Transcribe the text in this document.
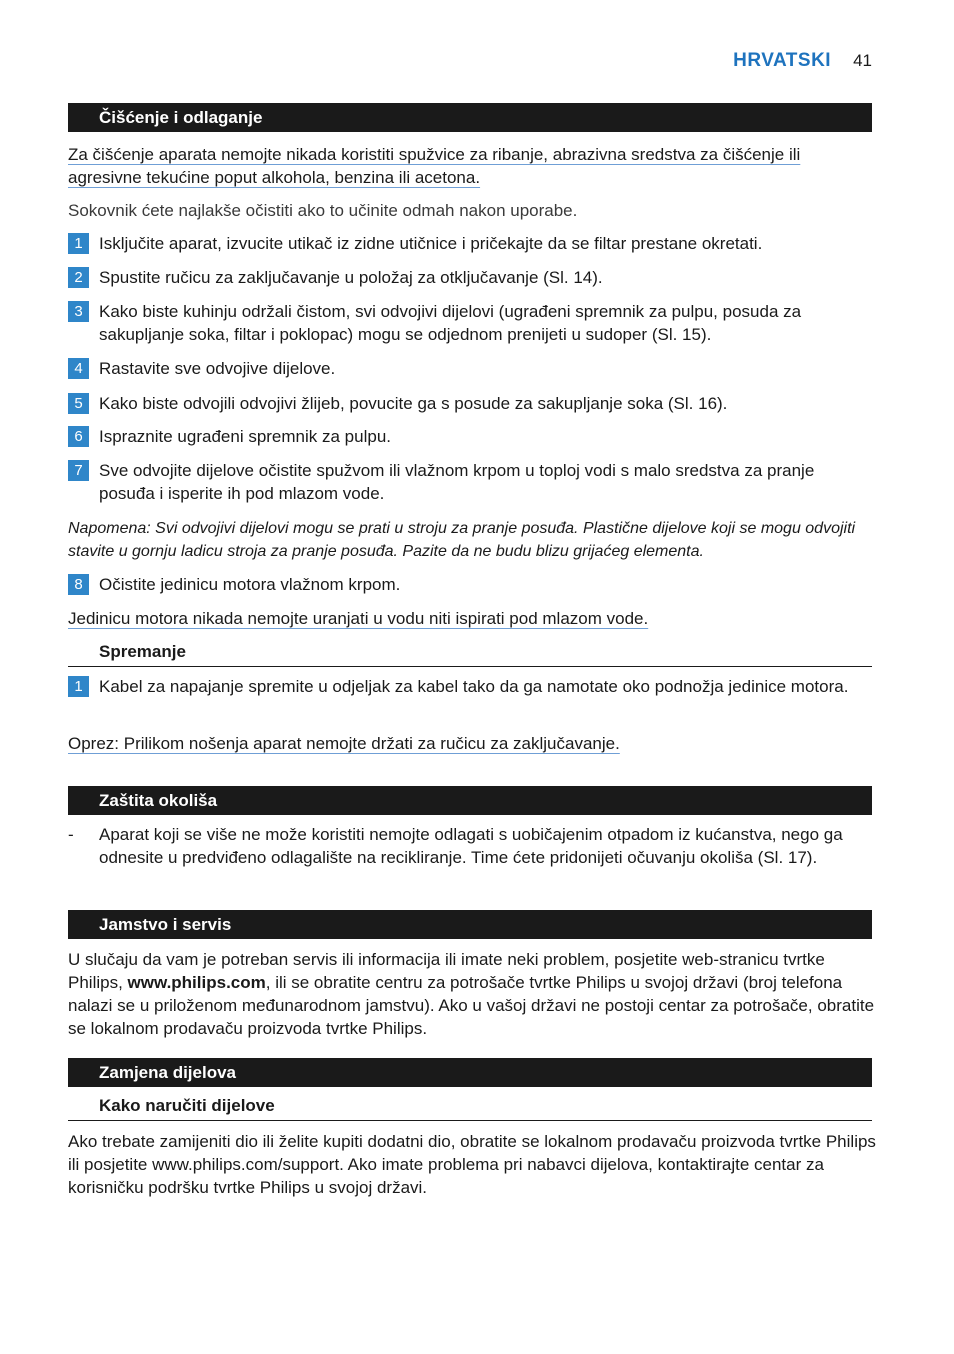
HRVATSKI 41
Čišćenje i odlaganje

Za čišćenje aparata nemojte nikada koristiti spužvice za ribanje, abrazivna sredstva za čišćenje ili agresivne tekućine poput alkohola, benzina ili acetona.

Sokovnik ćete najlakše očistiti ako to učinite odmah nakon uporabe.

1 Isključite aparat, izvucite utikač iz zidne utičnice i pričekajte da se filtar prestane okretati.
2 Spustite ručicu za zaključavanje u položaj za otključavanje (Sl. 14).
3 Kako biste kuhinju održali čistom, svi odvojivi dijelovi (ugrađeni spremnik za pulpu, posuda za sakupljanje soka, filtar i poklopac) mogu se odjednom prenijeti u sudoper (Sl. 15).
4 Rastavite sve odvojive dijelove.
5 Kako biste odvojili odvojivi žlijeb, povucite ga s posude za sakupljanje soka (Sl. 16).
6 Ispraznite ugrađeni spremnik za pulpu.
7 Sve odvojite dijelove očistite spužvom ili vlažnom krpom u toploj vodi s malo sredstva za pranje posuđa i isperite ih pod mlazom vode.

Napomena: Svi odvojivi dijelovi mogu se prati u stroju za pranje posuđa. Plastične dijelove koji se mogu odvojiti stavite u gornju ladicu stroja za pranje posuđa. Pazite da ne budu blizu grijaćeg elementa.

8 Očistite jedinicu motora vlažnom krpom.

Jedinicu motora nikada nemojte uranjati u vodu niti ispirati pod mlazom vode.

Spremanje
1 Kabel za napajanje spremite u odjeljak za kabel tako da ga namotate oko podnožja jedinice motora.

Oprez: Prilikom nošenja aparat nemojte držati za ručicu za zaključavanje.

Zaštita okoliša
- Aparat koji se više ne može koristiti nemojte odlagati s uobičajenim otpadom iz kućanstva, nego ga odnesite u predviđeno odlagalište na recikliranje. Time ćete pridonijeti očuvanju okoliša (Sl. 17).
Jamstvo i servis

U slučaju da vam je potreban servis ili informacija ili imate neki problem, posjetite web-stranicu tvrtke Philips, www.philips.com, ili se obratite centru za potrošače tvrtke Philips u svojoj državi (broj telefona nalazi se u priloženom međunarodnom jamstvu). Ako u vašoj državi ne postoji centar za potrošače, obratite se lokalnom prodavaču proizvoda tvrtke Philips.

Zamjena dijelova
Kako naručiti dijelove

Ako trebate zamijeniti dio ili želite kupiti dodatni dio, obratite se lokalnom prodavaču proizvoda tvrtke Philips ili posjetite www.philips.com/support. Ako imate problema pri nabavci dijelova, kontaktirajte centar za korisničku podršku tvrtke Philips u svojoj državi.
